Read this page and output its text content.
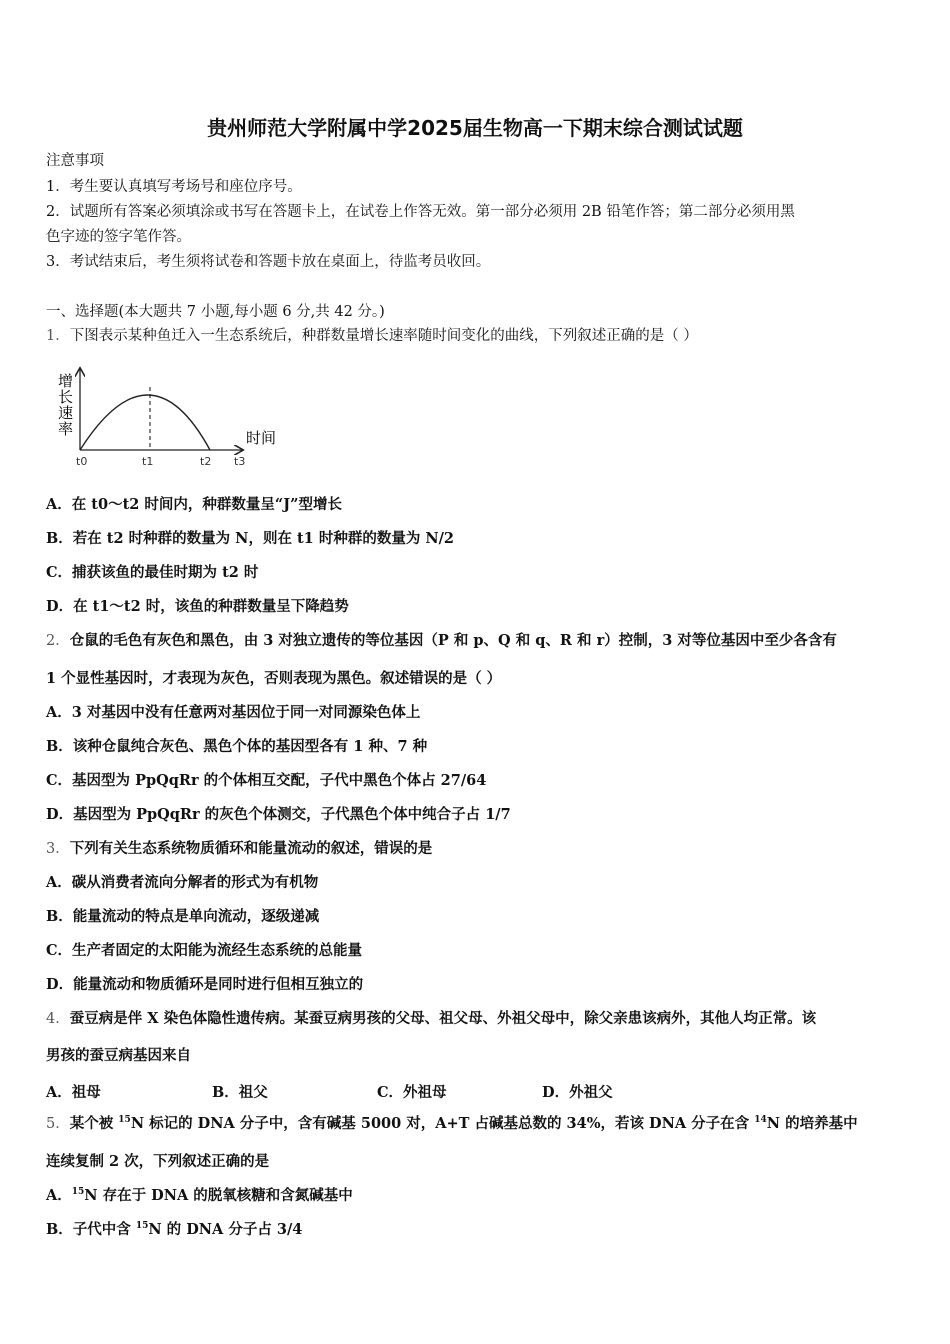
贵州师范大学附属中学2025届生物高一下期末综合测试试题
注意事项
1．考生要认真填写考场号和座位序号。
2．试题所有答案必须填涂或书写在答题卡上，在试卷上作答无效。第一部分必须用 2B 铅笔作答；第二部分必须用黑
色字迹的签字笔作答。
3．考试结束后，考生须将试卷和答题卡放在桌面上，待监考员收回。
一、选择题(本大题共 7 小题,每小题 6 分,共 42 分。)
1．下图表示某种鱼迁入一生态系统后，种群数量增长速率随时间变化的曲线，下列叙述正确的是（ ）
增
长
速
率	时间
t0	t1	t2 t3
A．在 t0～t2 时间内，种群数量呈“J”型增长
B．若在 t2 时种群的数量为 N，则在 t1 时种群的数量为 N/2
C．捕获该鱼的最佳时期为 t2 时
D．在 t1～t2 时，该鱼的种群数量呈下降趋势
2．仓鼠的毛色有灰色和黑色，由 3 对独立遗传的等位基因（P 和 p、Q 和 q、R 和 r）控制，3 对等位基因中至少各含有
1 个显性基因时，才表现为灰色，否则表现为黑色。叙述错误的是（ ）
A．3 对基因中没有任意两对基因位于同一对同源染色体上
B．该种仓鼠纯合灰色、黑色个体的基因型各有 1 种、7 种
C．基因型为 PpQqRr 的个体相互交配，子代中黑色个体占 27/64
D．基因型为 PpQqRr 的灰色个体测交，子代黑色个体中纯合子占 1/7
3．下列有关生态系统物质循环和能量流动的叙述，错误的是
A．碳从消费者流向分解者的形式为有机物
B．能量流动的特点是单向流动，逐级递减
C．生产者固定的太阳能为流经生态系统的总能量
D．能量流动和物质循环是同时进行但相互独立的
4．蚕豆病是伴 X 染色体隐性遗传病。某蚕豆病男孩的父母、祖父母、外祖父母中，除父亲患该病外，其他人均正常。该
男孩的蚕豆病基因来自
A．祖母	B．祖父	C．外祖母	D．外祖父
5．某个被 $^{15}$N 标记的 DNA 分子中，含有碱基 5000 对，A+T 占碱基总数的 34%，若该 DNA 分子在含 $^{14}$N 的培养基中
连续复制 2 次，下列叙述正确的是
A．$^{15}$N 存在于 DNA 的脱氧核糖和含氮碱基中
B．子代中含 $^{15}$N 的 DNA 分子占 3/4
